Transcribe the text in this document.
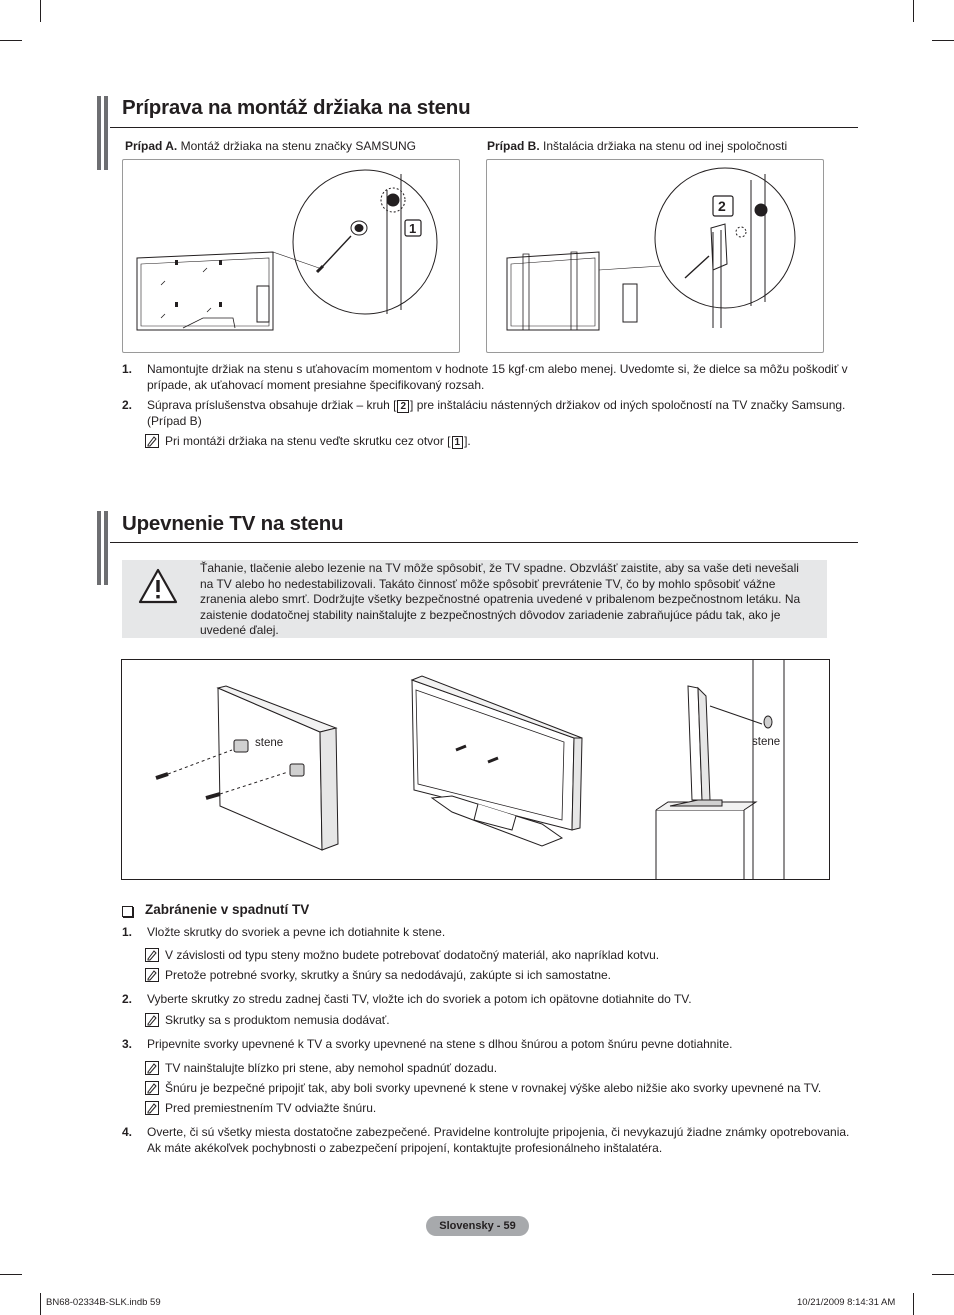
Príprava na montáž držiaka na stenu
Prípad A. Montáž držiaka na stenu značky SAMSUNG	Prípad B. Inštalácia držiaka na stenu od inej spoločnosti
1
2
1. Namontujte držiak na stenu s uťahovacím momentom v hodnote 15 kgf·cm alebo menej. Uvedomte si, že dielce sa môžu poškodiť v prípade, ak uťahovací moment presiahne špecifikovaný rozsah.
2. Súprava príslušenstva obsahuje držiak – kruh [ 2 ] pre inštaláciu nástenných držiakov od iných spoločností na TV značky Samsung. (Prípad B)
Pri montáži držiaka na stenu veďte skrutku cez otvor [ 1 ].
Upevnenie TV na stenu
Ťahanie, tlačenie alebo lezenie na TV môže spôsobiť, že TV spadne. Obzvlášť zaistite, aby sa vaše deti nevešali na TV alebo ho nedestabilizovali. Takáto činnosť môže spôsobiť prevrátenie TV, čo by mohlo spôsobiť vážne zranenia alebo smrť. Dodržujte všetky bezpečnostné opatrenia uvedené v pribalenom bezpečnostnom letáku. Na zaistenie dodatočnej stability nainštalujte z bezpečnostných dôvodov zariadenie zabraňujúce pádu tak, ako je uvedené ďalej.
stene	stene
Zabránenie v spadnutí TV
1. Vložte skrutky do svoriek a pevne ich dotiahnite k stene.
V závislosti od typu steny možno budete potrebovať dodatočný materiál, ako napríklad kotvu.
Pretože potrebné svorky, skrutky a šnúry sa nedodávajú, zakúpte si ich samostatne.
2. Vyberte skrutky zo stredu zadnej časti TV, vložte ich do svoriek a potom ich opätovne dotiahnite do TV.
Skrutky sa s produktom nemusia dodávať.
3. Pripevnite svorky upevnené k TV a svorky upevnené na stene s dlhou šnúrou a potom šnúru pevne dotiahnite.
TV nainštalujte blízko pri stene, aby nemohol spadnúť dozadu.
Šnúru je bezpečné pripojiť tak, aby boli svorky upevnené k stene v rovnakej výške alebo nižšie ako svorky upevnené na TV.
Pred premiestnením TV odviažte šnúru.
4. Overte, či sú všetky miesta dostatočne zabezpečené. Pravidelne kontrolujte pripojenia, či nevykazujú žiadne známky opotrebovania. Ak máte akékoľvek pochybnosti o zabezpečení pripojení, kontaktujte profesionálneho inštalatéra.
Slovensky - 59
BN68-02334B-SLK.indb 59	10/21/2009 8:14:31 AM
